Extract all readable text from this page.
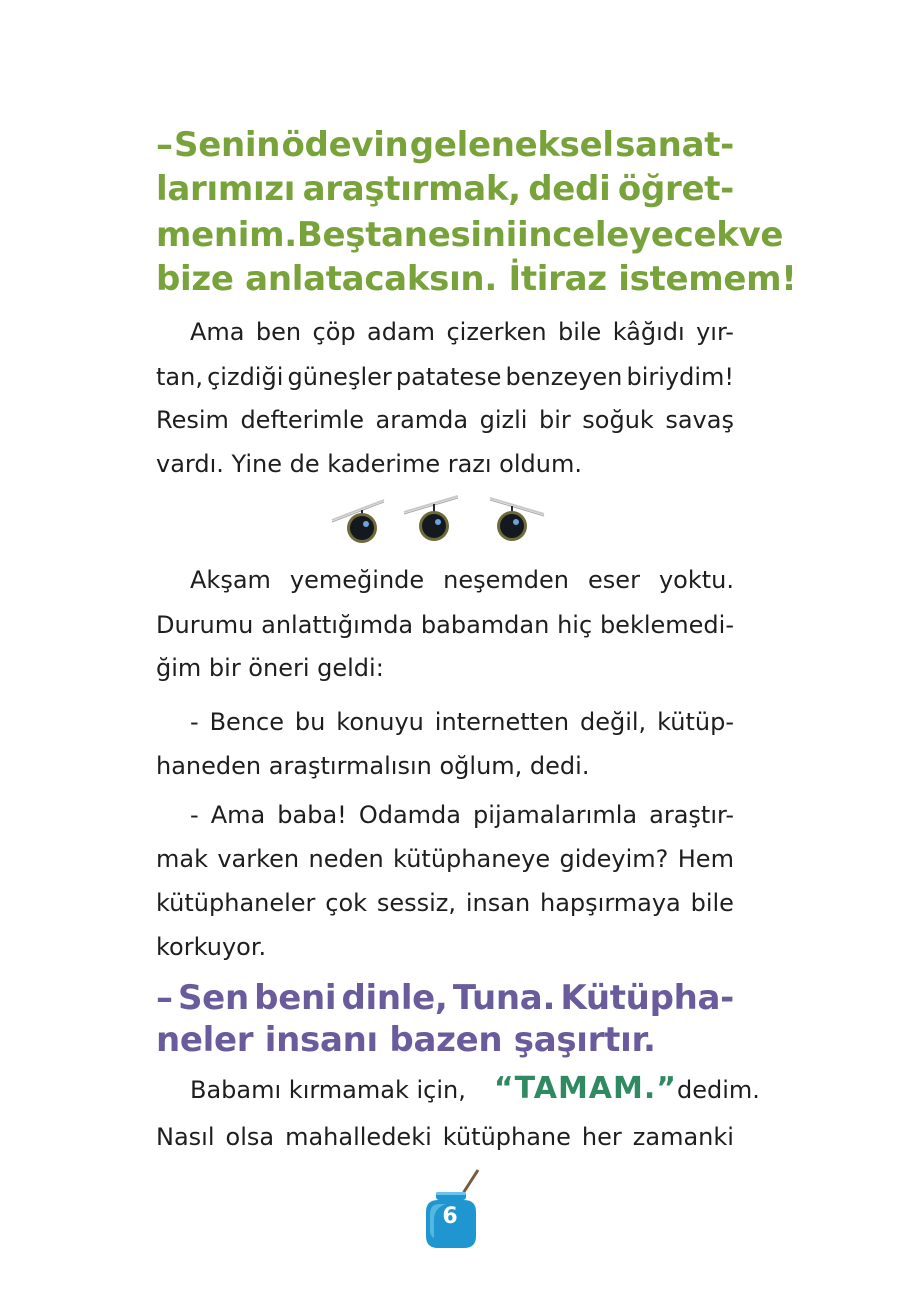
– Senin ödevin geleneksel sanat-
larımızı araştırmak, dedi öğret-
menim. Beş tanesini inceleyecek ve
bize anlatacaksın. İtiraz istemem!
Ama ben çöp adam çizerken bile kâğıdı yır-
tan, çizdiği güneşler patatese benzeyen biriydim!
Resim defterimle aramda gizli bir soğuk savaş
vardı. Yine de kaderime razı oldum.
Akşam yemeğinde neşemden eser yoktu.
Durumu anlattığımda babamdan hiç beklemedi-
ğim bir öneri geldi:
- Bence bu konuyu internetten değil, kütüp-
haneden araştırmalısın oğlum, dedi.
- Ama baba! Odamda pijamalarımla araştır-
mak varken neden kütüphaneye gideyim? Hem
kütüphaneler çok sessiz, insan hapşırmaya bile
korkuyor.
– Sen beni dinle, Tuna. Kütüpha-
neler insanı bazen şaşırtır.
Babamı kırmamak için, “TAMAM.” dedim.
Nasıl olsa mahalledeki kütüphane her zamanki
6
